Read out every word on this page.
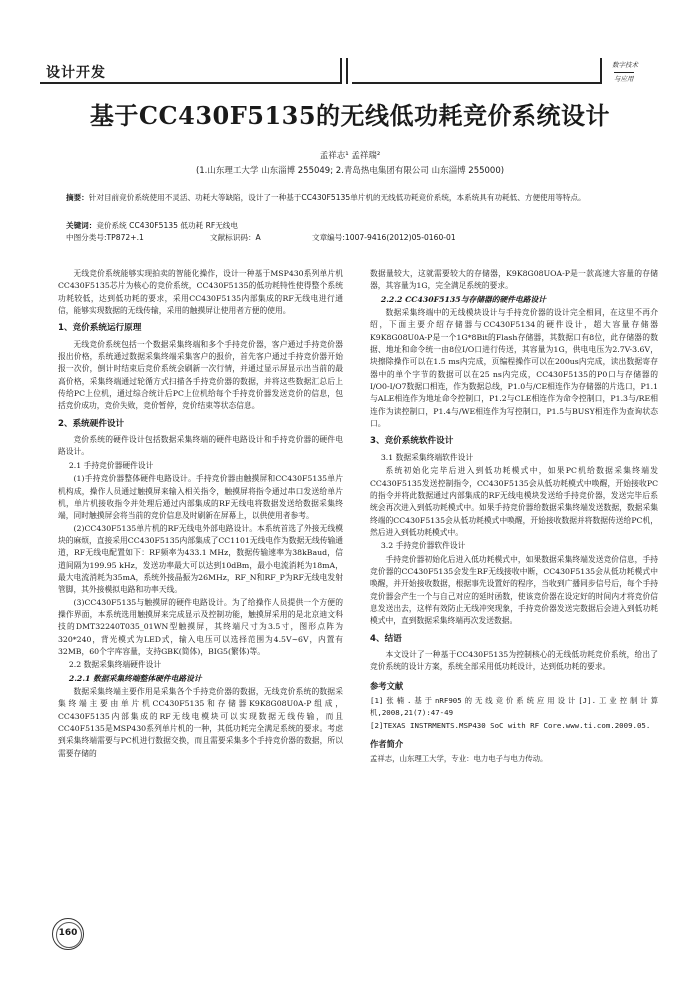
设计开发	数字技术
与应用
基于CC430F5135的无线低功耗竞价系统设计
孟祥志¹ 孟祥瑞²
(1.山东理工大学 山东淄博 255049; 2.青岛热电集团有限公司 山东淄博 255000)
摘要：针对目前竞价系统使用不灵活、功耗大等缺陷，设计了一种基于CC430F5135单片机的无线低功耗竞价系统，本系统具有功耗低、方便使用等特点。
关键词：竞价系统 CC430F5135 低功耗 RF无线电
中图分类号:TP872+.1	文献标识码：A	文章编号:1007-9416(2012)05-0160-01

无线竞价系统能够实现拍卖的智能化操作，设计一种基于MSP430系列单片机CC430F5135芯片为核心的竞价系统，CC430F5135的低功耗特性使得整个系统功耗较低，达到低功耗的要求，采用CC430F5135内部集成的RF无线电进行通信，能够实现数据的无线传输，采用的触摸屏让使用者方便的使用。

1、竞价系统运行原理

无线竞价系统包括一个数据采集终端和多个手持竞价器，客户通过手持竞价器报出价格，系统通过数据采集终端采集客户的报价，首先客户通过手持竞价器开始报一次价，倒计时结束后竞价系统会刷新一次行情，并通过显示屏显示出当前的最高价格，采集终端通过轮循方式扫描各手持竞价器的数据，并将这些数据汇总后上传给PC上位机，通过综合统计后PC上位机给每个手持竞价器发送竞价的信息，包括竞价成功，竞价失败，竞价暂停，竞价结束等状态信息。

2、系统硬件设计

竞价系统的硬件设计包括数据采集终端的硬件电路设计和手持竞价器的硬件电路设计。

2.1 手持竞价器硬件设计

(1)手持竞价器整体硬件电路设计。手持竞价器由触摸屏和CC430F5135单片机构成，操作人员通过触摸屏来输入相关指令，触摸屏将指令通过串口发送给单片机，单片机接收指令并处理后通过内部集成的RF无线电将数据发送给数据采集终端，同时触摸屏会将当前的竞价信息及时刷新在屏幕上，以供使用者参考。

(2)CC430F5135单片机的RF无线电外部电路设计。本系统首选了外接无线模块的麻烦，直接采用CC430F5135内部集成了CC1101无线电作为数据无线传输通道，RF无线电配置如下：RF频率为433.1 MHz，数据传输速率为38kBaud，信道间隔为199.95 kHz，发送功率最大可以达到10dBm，最小电流消耗为18mA，最大电流消耗为35mA，系统外接晶振为26MHz，RF_N和RF_P为RF无线电发射管脚，其外接模拟电路和功率天线。

(3)CC430F5135与触摸屏的硬件电路设计。为了给操作人员提供一个方便的操作界面，本系统选用触摸屏来完成显示及控制功能，触摸屏采用的是北京迪文科技的DMT32240T035_01WN型触摸屏，其终端尺寸为3.5寸，图形点阵为320*240，背光模式为LED式，输入电压可以选择范围为4.5V~6V，内置有32MB，60个字库容量，支持GBK(简体)，BIG5(繁体)等。

2.2 数据采集终端硬件设计

2.2.1 数据采集终端整体硬件电路设计

数据采集终端主要作用是采集各个手持竞价器的数据，无线竞价系统的数据采集终端主要由单片机CC430F5135和存储器K9K8G08U0A-P组成，CC430F5135内部集成的RF无线电模块可以实现数据无线传输，而且CC40F5135是MSP430系列单片机的一种，其低功耗完全满足系统的要求。考虑到采集终端需要与PC机进行数据交换，而且需要采集多个手持竞价器的数据，所以需要存储的

数据量较大，这就需要较大的存储器，K9K8G08UOA-P是一款高速大容量的存储器，其容量为1G，完全满足系统的要求。

2.2.2 CC430F5135与存储器的硬件电路设计

数据采集终端中的无线模块设计与手持竞价器的设计完全相同，在这里不再介绍，下面主要介绍存储器与CC430F5134的硬件设计，超大容量存储器K9K8G08U0A-P是一个1G*8Bit的Flash存储器，其数据口有8位，此存储器的数据、地址和命令统一由8位I/O口进行传送，其容量为1G，供电电压为2.7V-3.6V，块擦除操作可以在1.5 ms内完成，页编程操作可以在200us内完成，读出数据寄存器中的单个字节的数据可以在25 ns内完成，CC430F5135的P0口与存储器的I/O0-I/O7数据口相连，作为数据总线，P1.0与/CE相连作为存储器的片选口，P1.1与ALE相连作为地址命令控制口，P1.2与CLE相连作为命令控制口，P1.3与/RE相连作为读控制口，P1.4与/WE相连作为写控制口，P1.5与BUSY相连作为查询状态口。

3、竞价系统软件设计

3.1 数据采集终端软件设计

系统初始化完毕后进入到低功耗模式中，如果PC机给数据采集终端发CC430F5135发送控制指令，CC430F5135会从低功耗模式中唤醒，开始接收PC的指令并将此数据通过内部集成的RF无线电模块发送给手持竞价器，发送完毕后系统会再次进入到低功耗模式中。如果手持竞价器给数据采集终端发送数据，数据采集终端的CC430F5135会从低功耗模式中唤醒，开始接收数据并将数据传送给PC机，然后进入到低功耗模式中。

3.2 手持竞价器软件设计

手持竞价器初始化后进入低功耗模式中，如果数据采集终端发送竞价信息，手持竞价器的CC430F5135会发生RF无线接收中断，CC430F5135会从低功耗模式中唤醒，并开始接收数据，根据事先设置好的程序，当收到广播同步信号后，每个手持竞价器会产生一个与自己对应的延时函数，使该竞价器在设定好的时间内才将竞价信息发送出去，这样有效防止无线冲突现象，手持竞价器发送完数据后会进入到低功耗模式中，直到数据采集终端再次发送数据。

4、结语

本文设计了一种基于CC430F5135为控制核心的无线低功耗竞价系统，给出了竞价系统的设计方案，系统全部采用低功耗设计，达到低功耗的要求。

参考文献

[1]张楠.基于nRF905的无线竞价系统应用设计[J].工业控制计算机,2008,21(7):47-49

[2]TEXAS INSTRMENTS.MSP430 SoC with RF Core.www.ti.com.2009.05.

作者简介

孟祥志，山东理工大学，专业：电力电子与电力传动。

160
